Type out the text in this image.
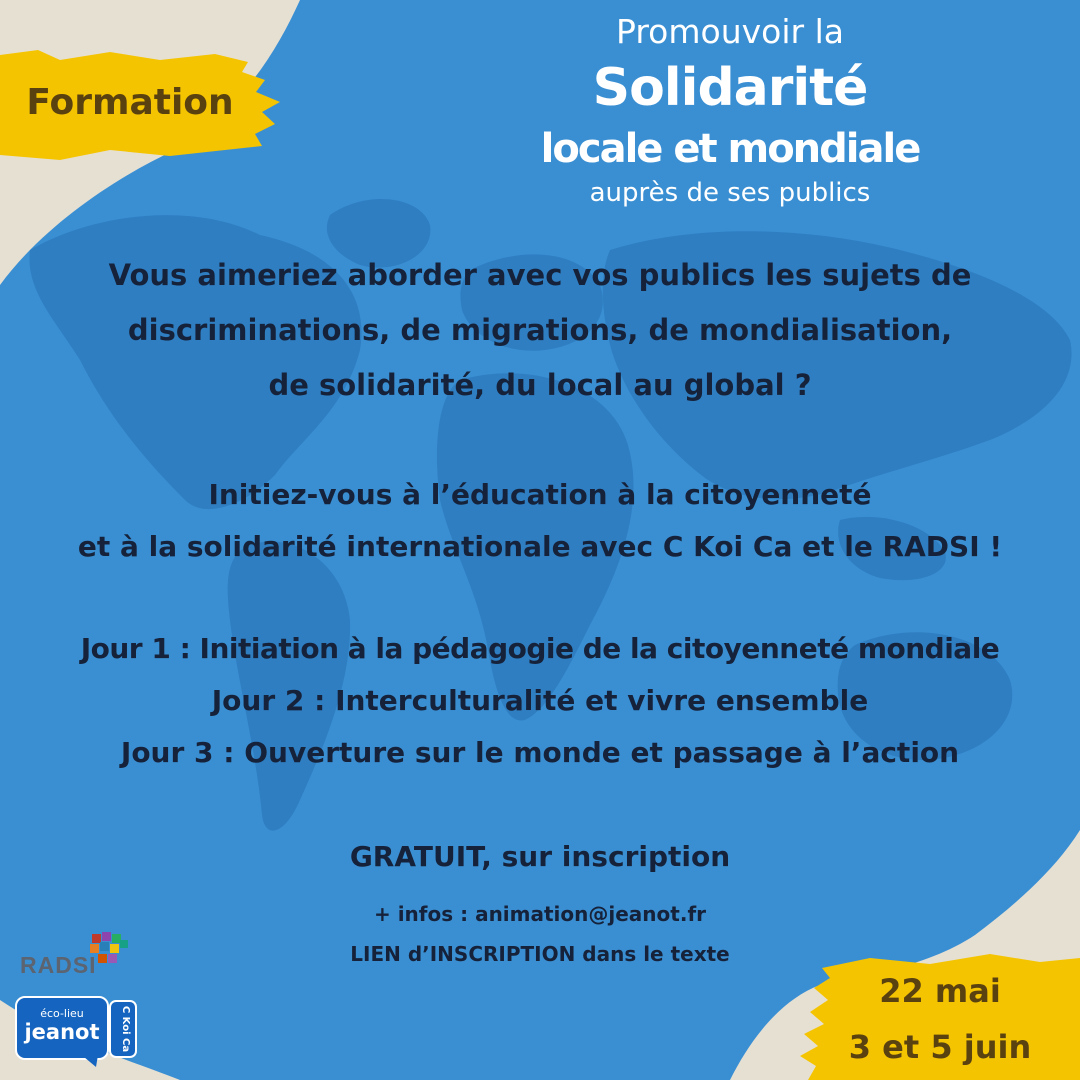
Promouvoir la
Solidarité
locale et mondiale
auprès de ses publics
Formation
Vous aimeriez aborder avec vos publics les sujets de
discriminations, de migrations, de mondialisation,
de solidarité, du local au global ?
Initiez-vous à l’éducation à la citoyenneté
et à la solidarité internationale avec C Koi Ca et le RADSI !
Jour 1 : Initiation à la pédagogie de la citoyenneté mondiale
Jour 2 : Interculturalité et vivre ensemble
Jour 3 : Ouverture sur le monde et passage à l’action
GRATUIT, sur inscription
+ infos : animation@jeanot.fr
LIEN d’INSCRIPTION dans le texte
22 mai
3 et 5 juin
RADSI
éco-lieu
jeanot C Koi Ca
